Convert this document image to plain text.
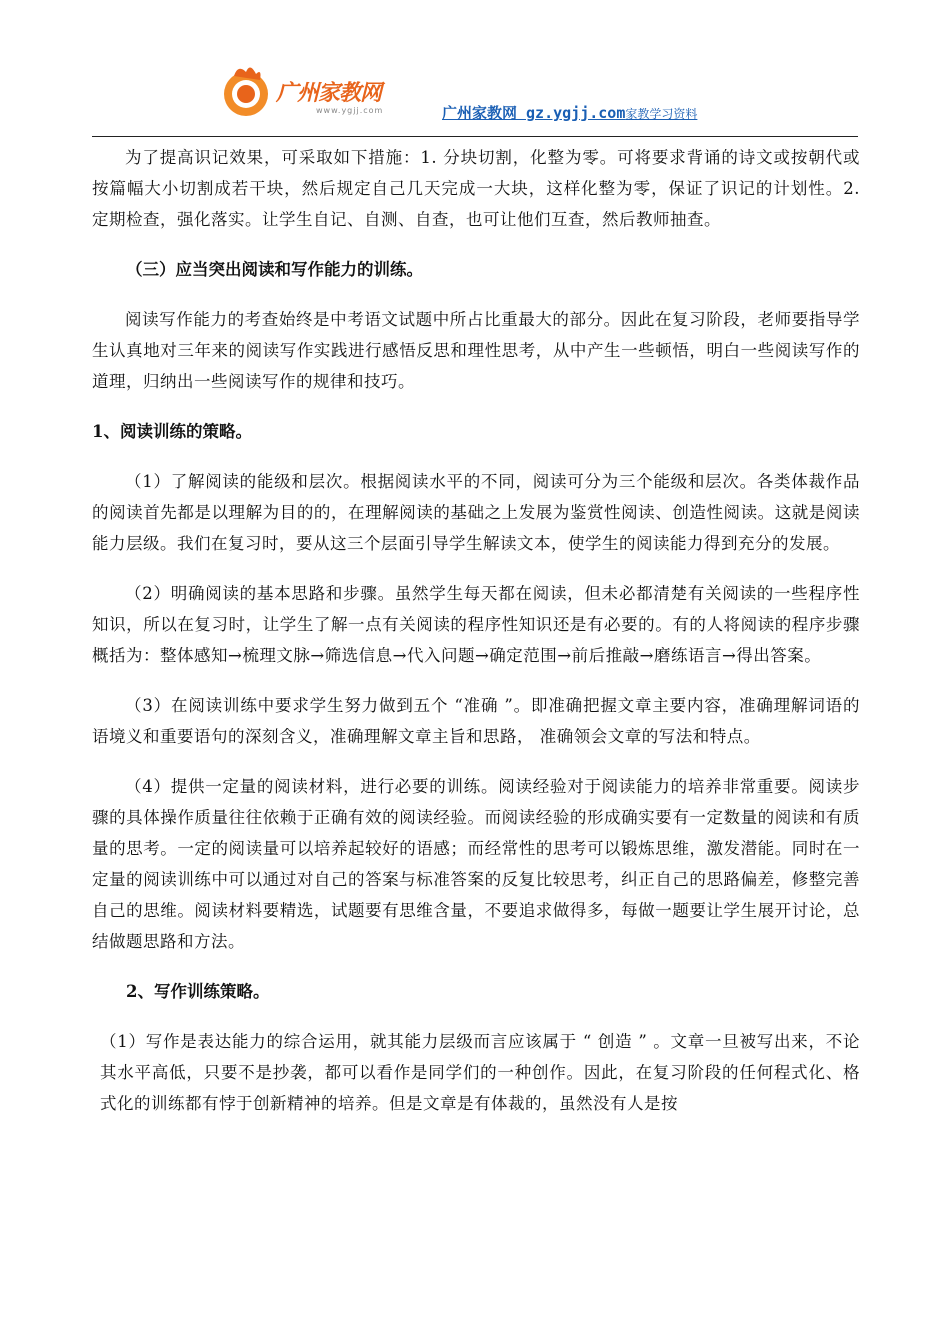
广州家教网
www.ygjj.com	广州家教网 gz.ygjj.com家教学习资料

为了提高识记效果，可采取如下措施：1. 分块切割，化整为零。可将要求背诵的诗文或按朝代或按篇幅大小切割成若干块，然后规定自己几天完成一大块，这样化整为零，保证了识记的计划性。2. 定期检查，强化落实。让学生自记、自测、自查，也可让他们互查，然后教师抽查。

（三）应当突出阅读和写作能力的训练。

阅读写作能力的考查始终是中考语文试题中所占比重最大的部分。因此在复习阶段，老师要指导学生认真地对三年来的阅读写作实践进行感悟反思和理性思考，从中产生一些顿悟，明白一些阅读写作的道理，归纳出一些阅读写作的规律和技巧。

1、阅读训练的策略。

（1）了解阅读的能级和层次。根据阅读水平的不同，阅读可分为三个能级和层次。各类体裁作品的阅读首先都是以理解为目的的，在理解阅读的基础之上发展为鉴赏性阅读、创造性阅读。这就是阅读能力层级。我们在复习时，要从这三个层面引导学生解读文本，使学生的阅读能力得到充分的发展。

（2）明确阅读的基本思路和步骤。虽然学生每天都在阅读，但未必都清楚有关阅读的一些程序性知识，所以在复习时，让学生了解一点有关阅读的程序性知识还是有必要的。有的人将阅读的程序步骤概括为：整体感知→梳理文脉→筛选信息→代入问题→确定范围→前后推敲→磨练语言→得出答案。

（3）在阅读训练中要求学生努力做到五个 “准确 ”。即准确把握文章主要内容，准确理解词语的语境义和重要语句的深刻含义，准确理解文章主旨和思路， 准确领会文章的写法和特点。

（4）提供一定量的阅读材料，进行必要的训练。阅读经验对于阅读能力的培养非常重要。阅读步骤的具体操作质量往往依赖于正确有效的阅读经验。而阅读经验的形成确实要有一定数量的阅读和有质量的思考。一定的阅读量可以培养起较好的语感；而经常性的思考可以锻炼思维，激发潜能。同时在一定量的阅读训练中可以通过对自己的答案与标准答案的反复比较思考，纠正自己的思路偏差，修整完善自己的思维。阅读材料要精选，试题要有思维含量，不要追求做得多，每做一题要让学生展开讨论，总结做题思路和方法。

2、写作训练策略。

（1）写作是表达能力的综合运用，就其能力层级而言应该属于 “ 创造 ” 。文章一旦被写出来，不论其水平高低，只要不是抄袭，都可以看作是同学们的一种创作。因此，在复习阶段的任何程式化、格式化的训练都有悖于创新精神的培养。但是文章是有体裁的，虽然没有人是按
